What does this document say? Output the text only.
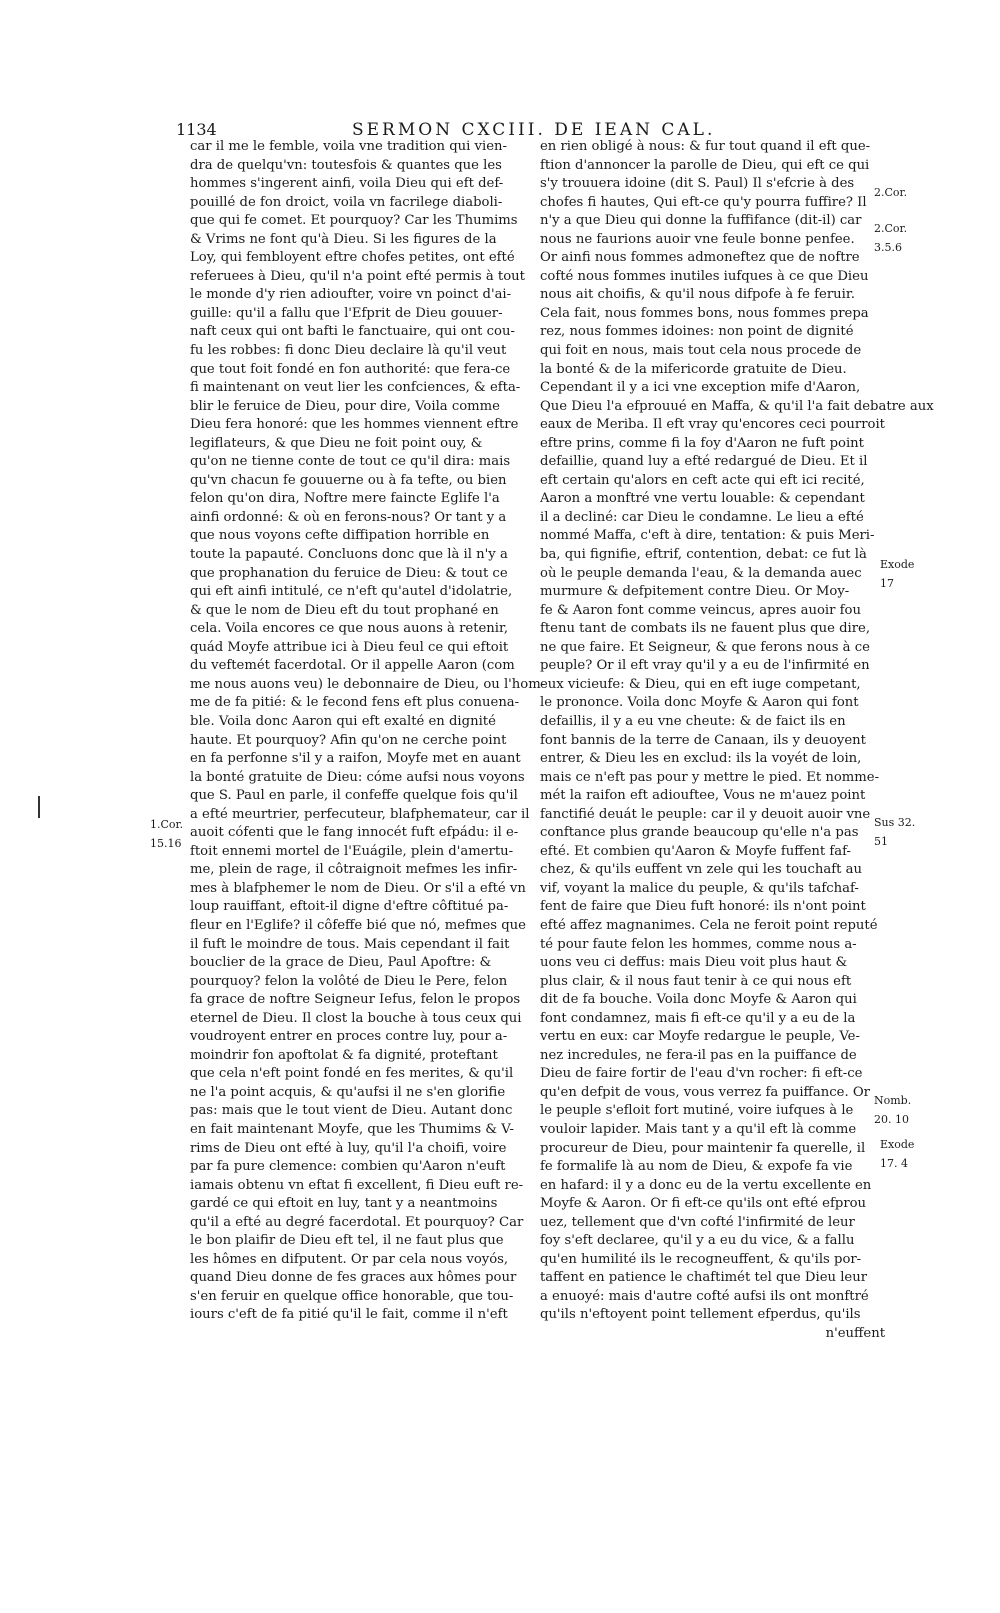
1134	SERMON CXCIII. DE IEAN CAL.
car il me le femble, voila vne tradition qui vien-
dra de quelqu'vn: toutesfois & quantes que les
hommes s'ingerent ainfi, voila Dieu qui eft def-
pouillé de fon droict, voila vn facrilege diaboli-
que qui fe comet. Et pourquoy? Car les Thumims
& Vrims ne font qu'à Dieu. Si les figures de la
Loy, qui fembloyent eftre chofes petites, ont efté
referuees à Dieu, qu'il n'a point efté permis à tout
le monde d'y rien adioufter, voire vn poinct d'ai-
guille: qu'il a fallu que l'Efprit de Dieu gouuer-
naft ceux qui ont bafti le fanctuaire, qui ont cou-
fu les robbes: fi donc Dieu declaire là qu'il veut
que tout foit fondé en fon authorité: que fera-ce
fi maintenant on veut lier les confciences, & efta-
blir le feruice de Dieu, pour dire, Voila comme
Dieu fera honoré: que les hommes viennent eftre
legiflateurs, & que Dieu ne foit point ouy, &
qu'on ne tienne conte de tout ce qu'il dira: mais
qu'vn chacun fe gouuerne ou à fa tefte, ou bien
felon qu'on dira, Noftre mere faincte Eglife l'a
ainfi ordonné: & où en ferons-nous? Or tant y a
que nous voyons cefte diffipation horrible en
toute la papauté. Concluons donc que là il n'y a
que prophanation du feruice de Dieu: & tout ce
qui eft ainfi intitulé, ce n'eft qu'autel d'idolatrie,
& que le nom de Dieu eft du tout prophané en
cela. Voila encores ce que nous auons à retenir,
quád Moyfe attribue ici à Dieu feul ce qui eftoit
du veftemét facerdotal. Or il appelle Aaron (com
me nous auons veu) le debonnaire de Dieu, ou l'hom-
me de fa pitié: & le fecond fens eft plus conuena-
ble. Voila donc Aaron qui eft exalté en dignité
haute. Et pourquoy? Afin qu'on ne cerche point
en fa perfonne s'il y a raifon, Moyfe met en auant
la bonté gratuite de Dieu: cóme aufsi nous voyons
que S. Paul en parle, il confeffe quelque fois qu'il
a efté meurtrier, perfecuteur, blafphemateur, car il
auoit cófenti que le fang innocét fuft efpádu: il e-
ftoit ennemi mortel de l'Euágile, plein d'amertu-
me, plein de rage, il côtraignoit mefmes les infir-
mes à blafphemer le nom de Dieu. Or s'il a efté vn
loup rauiffant, eftoit-il digne d'eftre côftitué pa-
fleur en l'Eglife? il côfeffe bié que nó, mefmes que
il fuft le moindre de tous. Mais cependant il fait
bouclier de la grace de Dieu, Paul Apoftre: &
pourquoy? felon la volôté de Dieu le Pere, felon
fa grace de noftre Seigneur Iefus, felon le propos
eternel de Dieu. Il clost la bouche à tous ceux qui
voudroyent entrer en proces contre luy, pour a-
moindrir fon apoftolat & fa dignité, proteftant
que cela n'eft point fondé en fes merites, & qu'il
ne l'a point acquis, & qu'aufsi il ne s'en glorifie
pas: mais que le tout vient de Dieu. Autant donc
en fait maintenant Moyfe, que les Thumims & V-
rims de Dieu ont efté à luy, qu'il l'a choifi, voire
par fa pure clemence: combien qu'Aaron n'euft
iamais obtenu vn eftat fi excellent, fi Dieu euft re-
gardé ce qui eftoit en luy, tant y a neantmoins
qu'il a efté au degré facerdotal. Et pourquoy? Car
le bon plaifir de Dieu eft tel, il ne faut plus que
les hômes en difputent. Or par cela nous voyós,
quand Dieu donne de fes graces aux hômes pour
s'en feruir en quelque office honorable, que tou-
iours c'eft de fa pitié qu'il le fait, comme il n'eft
en rien obligé à nous: & fur tout quand il eft que-
ftion d'annoncer la parolle de Dieu, qui eft ce qui
s'y trouuera idoine (dit S. Paul) Il s'efcrie à des
chofes fi hautes, Qui eft-ce qu'y pourra fuffire? Il
n'y a que Dieu qui donne la fuffifance (dit-il) car
nous ne faurions auoir vne feule bonne penfee.
Or ainfi nous fommes admoneftez que de noftre
cofté nous fommes inutiles iufques à ce que Dieu
nous ait choifis, & qu'il nous difpofe à fe feruir.
Cela fait, nous fommes bons, nous fommes prepa
rez, nous fommes idoines: non point de dignité
qui foit en nous, mais tout cela nous procede de
la bonté & de la mifericorde gratuite de Dieu.
Cependant il y a ici vne exception mife d'Aaron,
Que Dieu l'a efprouué en Maffa, & qu'il l'a fait debatre aux
eaux de Meriba. Il eft vray qu'encores ceci pourroit
eftre prins, comme fi la foy d'Aaron ne fuft point
defaillie, quand luy a efté redargué de Dieu. Et il
eft certain qu'alors en ceft acte qui eft ici recité,
Aaron a monftré vne vertu louable: & cependant
il a decliné: car Dieu le condamne. Le lieu a efté
nommé Maffa, c'eft à dire, tentation: & puis Meri-
ba, qui fignifie, eftrif, contention, debat: ce fut là
où le peuple demanda l'eau, & la demanda auec
murmure & defpitement contre Dieu. Or Moy-
fe & Aaron font comme veincus, apres auoir fou
ftenu tant de combats ils ne fauent plus que dire,
ne que faire. Et Seigneur, & que ferons nous à ce
peuple? Or il eft vray qu'il y a eu de l'infirmité en
eux vicieufe: & Dieu, qui en eft iuge competant,
le prononce. Voila donc Moyfe & Aaron qui font
defaillis, il y a eu vne cheute: & de faict ils en
font bannis de la terre de Canaan, ils y deuoyent
entrer, & Dieu les en exclud: ils la voyét de loin,
mais ce n'eft pas pour y mettre le pied. Et nomme-
mét la raifon eft adiouftee, Vous ne m'auez point
fanctifié deuát le peuple: car il y deuoit auoir vne
conftance plus grande beaucoup qu'elle n'a pas
efté. Et combien qu'Aaron & Moyfe fuffent faf-
chez, & qu'ils euffent vn zele qui les touchaft au
vif, voyant la malice du peuple, & qu'ils tafchaf-
fent de faire que Dieu fuft honoré: ils n'ont point
efté affez magnanimes. Cela ne feroit point reputé
té pour faute felon les hommes, comme nous a-
uons veu ci deffus: mais Dieu voit plus haut &
plus clair, & il nous faut tenir à ce qui nous eft
dit de fa bouche. Voila donc Moyfe & Aaron qui
font condamnez, mais fi eft-ce qu'il y a eu de la
vertu en eux: car Moyfe redargue le peuple, Ve-
nez incredules, ne fera-il pas en la puiffance de
Dieu de faire fortir de l'eau d'vn rocher: fi eft-ce
qu'en defpit de vous, vous verrez fa puiffance. Or
le peuple s'efloit fort mutiné, voire iufques à le
vouloir lapider. Mais tant y a qu'il eft là comme
procureur de Dieu, pour maintenir fa querelle, il
fe formalife là au nom de Dieu, & expofe fa vie
en hafard: il y a donc eu de la vertu excellente en
Moyfe & Aaron. Or fi eft-ce qu'ils ont efté efprou
uez, tellement que d'vn cofté l'infirmité de leur
foy s'eft declaree, qu'il y a eu du vice, & a fallu
qu'en humilité ils le recogneuffent, & qu'ils por-
taffent en patience le chaftimét tel que Dieu leur
a enuoyé: mais d'autre cofté aufsi ils ont monftré
qu'ils n'eftoyent point tellement efperdus, qu'ils
n'euffent
1.Cor.
15.16
2.Cor.
2.Cor.
3.5.6
Exode
17
Sus 32.
51
Nomb.
20. 10
Exode
17. 4
